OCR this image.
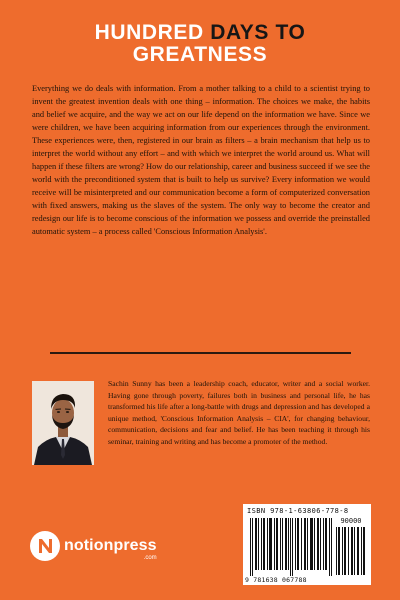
HUNDRED DAYS TO
GREATNESS

Everything we do deals with information. From a mother talking to a child to a scientist trying to invent the greatest invention deals with one thing – information. The choices we make, the habits and belief we acquire, and the way we act on our life depend on the information we have. Since we were children, we have been acquiring information from our experiences through the environment. These experiences were, then, registered in our brain as filters – a brain mechanism that help us to interpret the world without any effort – and with which we interpret the world around us. What will happen if these filters are wrong? How do our relationship, career and business succeed if we see the world with the preconditioned system that is built to help us survive? Every information we would receive will be misinterpreted and our communication become a form of computerized conversation with fixed answers, making us the slaves of the system. The only way to become the creator and redesign our life is to become conscious of the information we possess and override the preinstalled automatic system – a process called 'Conscious Information Analysis'.

Sachin Sunny has been a leadership coach, educator, writer and a social worker. Having gone through poverty, failures both in business and personal life, he has transformed his life after a long-battle with drugs and depression and has developed a unique method, 'Conscious Information Analysis – CIA', for changing behaviour, communication, decisions and fear and belief. He has been teaching it through his seminar, training and writing and has become a promoter of the method.

notionpress
.com
ISBN 978-1-63806-778-8
90000
9 781638 067788
